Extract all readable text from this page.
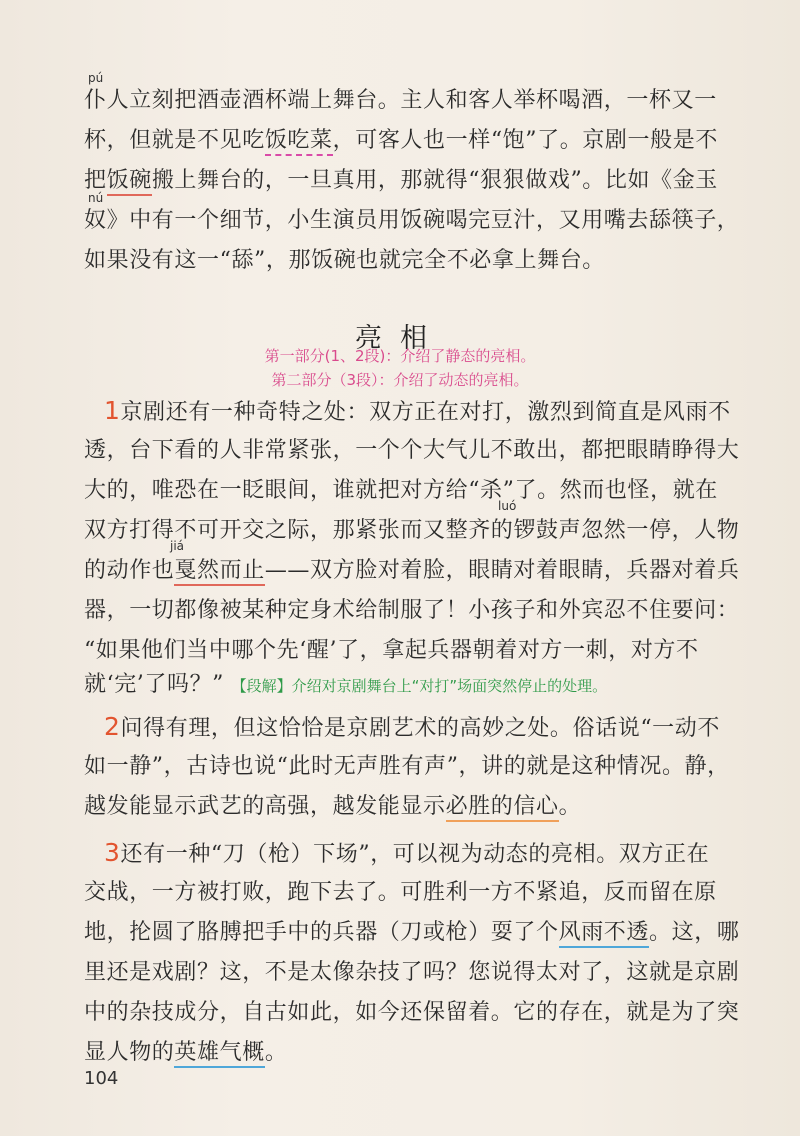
pú
仆人立刻把酒壶酒杯端上舞台。主人和客人举杯喝酒，一杯又一
杯，但就是不见吃饭吃菜，可客人也一样“饱”了。京剧一般是不
把饭碗搬上舞台的，一旦真用，那就得“狠狠做戏”。比如《金玉
nú
奴》中有一个细节，小生演员用饭碗喝完豆汁，又用嘴去舔筷子，
如果没有这一“舔”，那饭碗也就完全不必拿上舞台。
亮相
第一部分(1、2段)：介绍了静态的亮相。
第二部分（3段）：介绍了动态的亮相。
1京剧还有一种奇特之处：双方正在对打，激烈到简直是风雨不
透，台下看的人非常紧张，一个个大气儿不敢出，都把眼睛睁得大
大的，唯恐在一眨眼间，谁就把对方给“杀”了。然而也怪，就在
luó
双方打得不可开交之际，那紧张而又整齐的锣鼓声忽然一停，人物
jiá
的动作也戛然而止——双方脸对着脸，眼睛对着眼睛，兵器对着兵
器，一切都像被某种定身术给制服了！小孩子和外宾忍不住要问：
“如果他们当中哪个先‘醒’了，拿起兵器朝着对方一刺，对方不
就‘完’了吗？” 【段解】介绍对京剧舞台上“对打”场面突然停止的处理。
2问得有理，但这恰恰是京剧艺术的高妙之处。俗话说“一动不
如一静”，古诗也说“此时无声胜有声”，讲的就是这种情况。静，
越发能显示武艺的高强，越发能显示必胜的信心。
3还有一种“刀（枪）下场”，可以视为动态的亮相。双方正在
交战，一方被打败，跑下去了。可胜利一方不紧追，反而留在原
地，抡圆了胳膊把手中的兵器（刀或枪）耍了个风雨不透。这，哪
里还是戏剧？这，不是太像杂技了吗？您说得太对了，这就是京剧
中的杂技成分，自古如此，如今还保留着。它的存在，就是为了突
显人物的英雄气概。
104
